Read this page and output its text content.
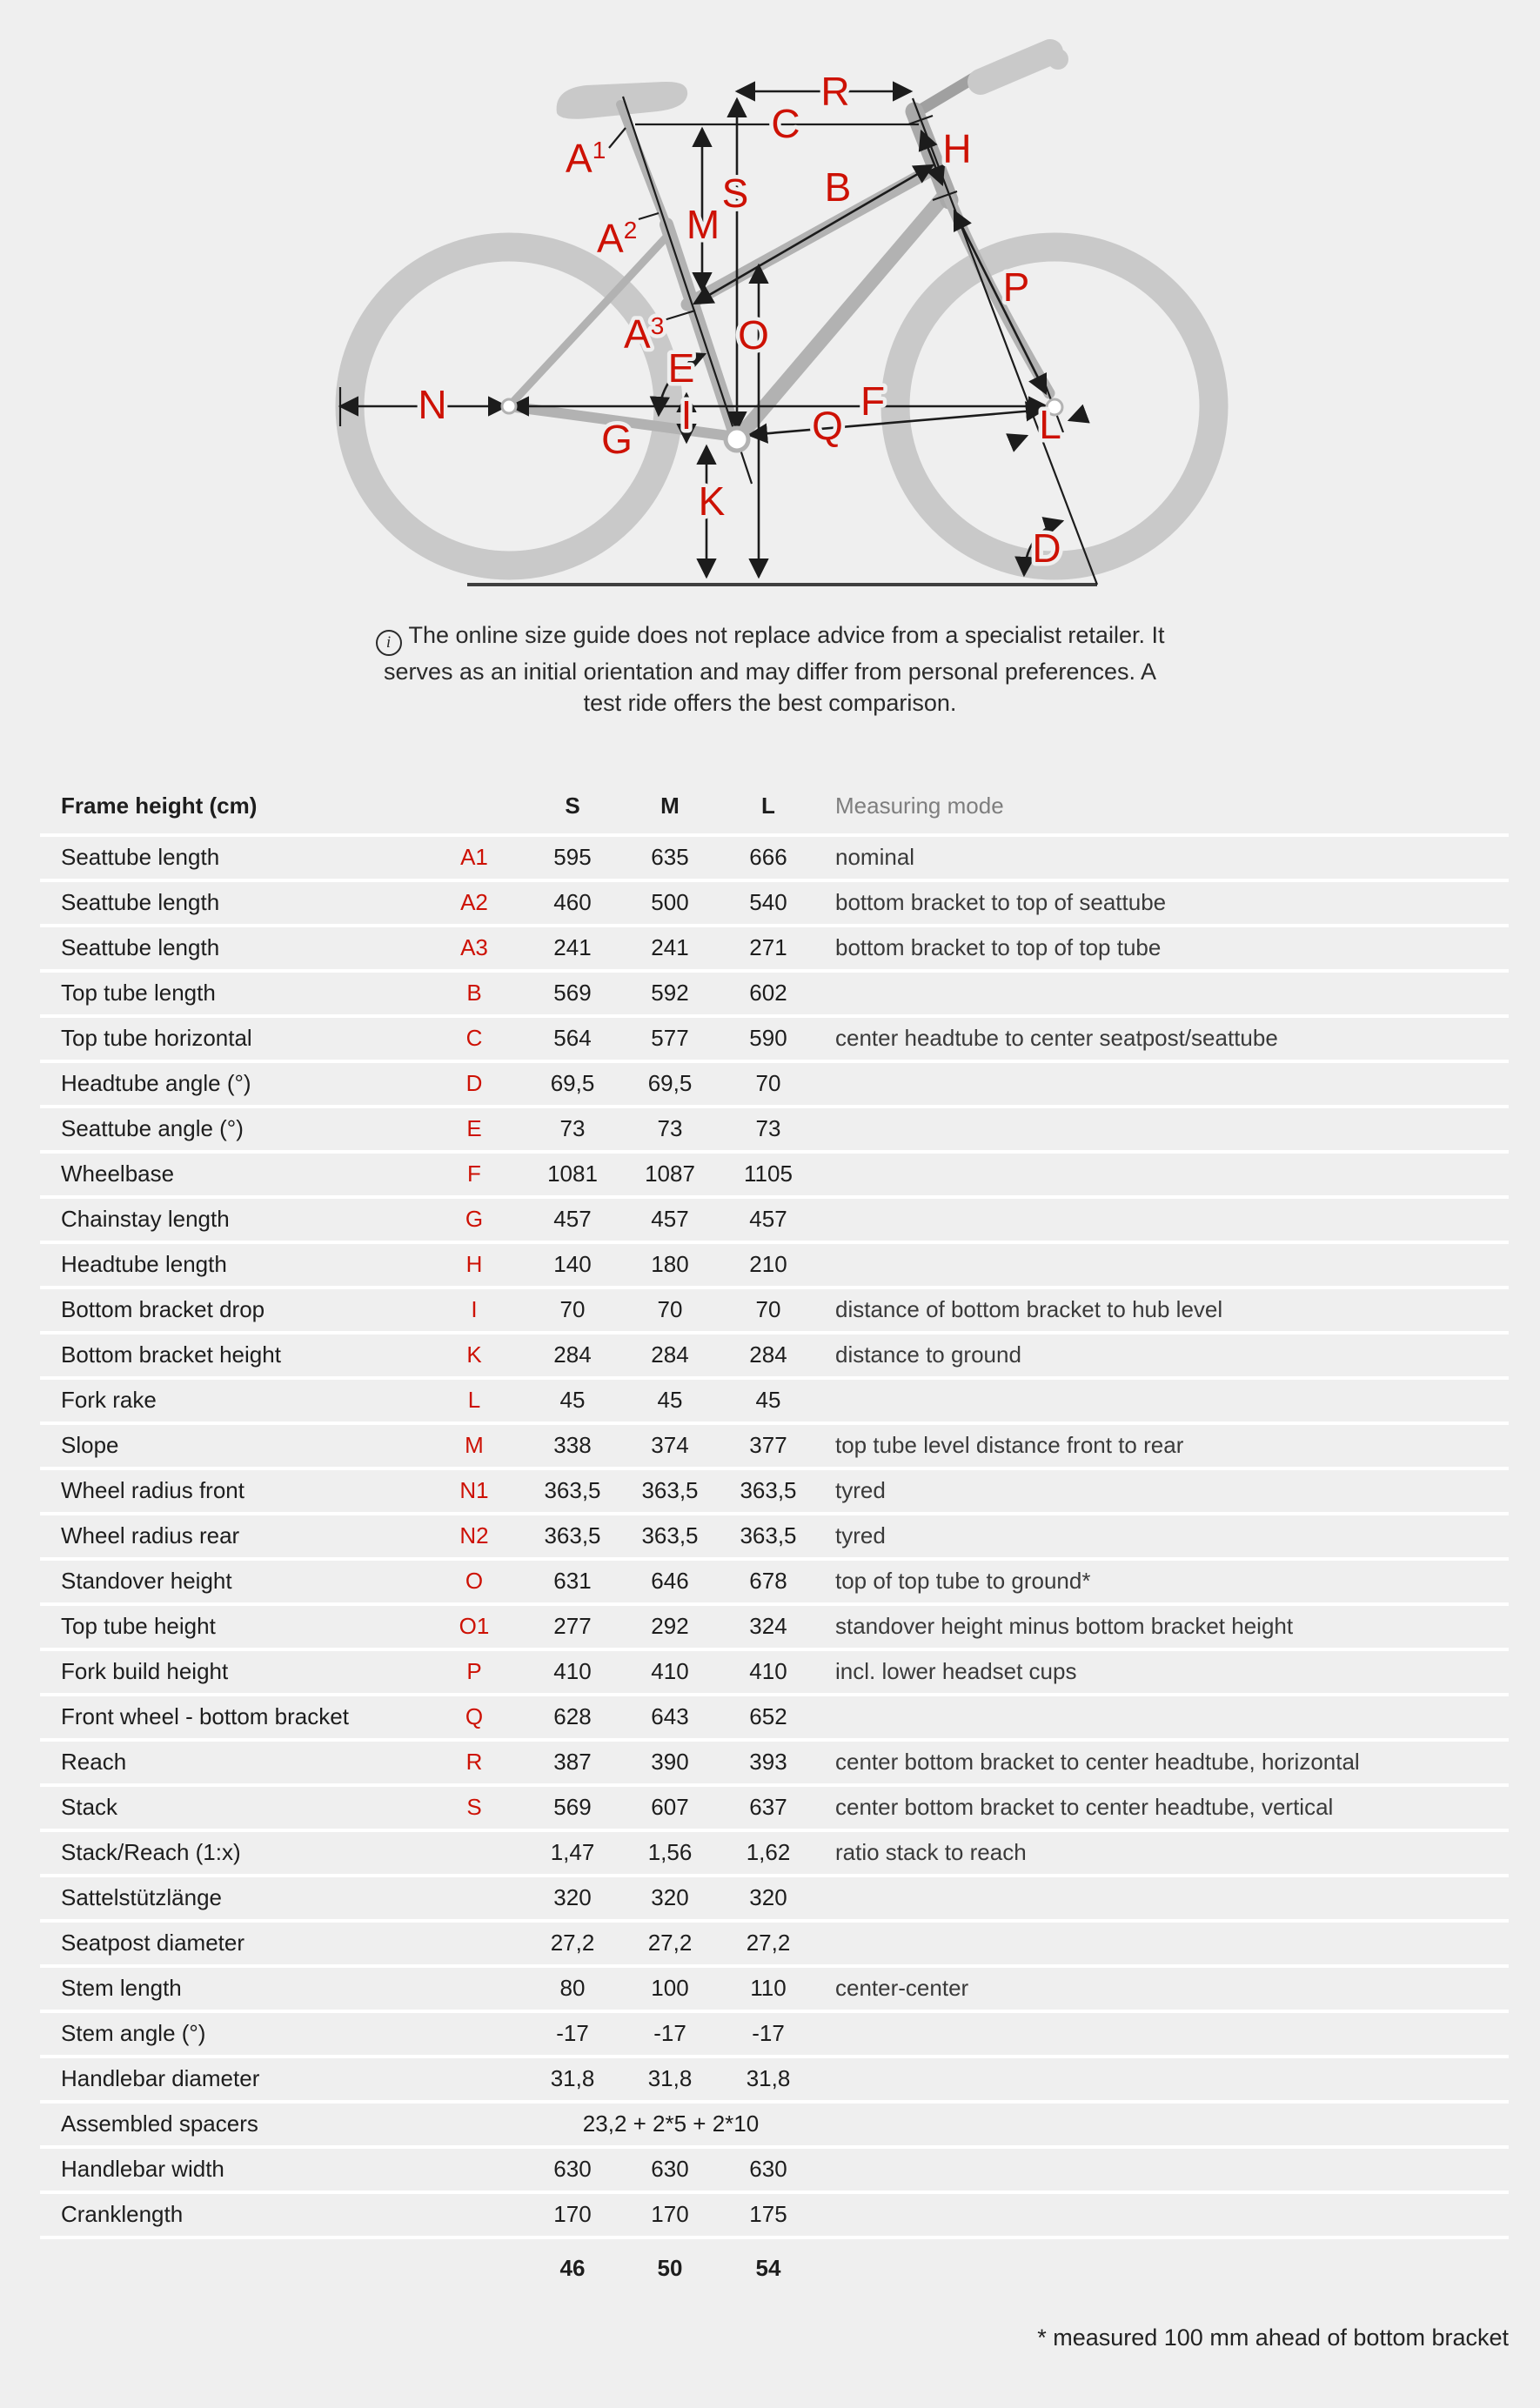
R
C
S
M
B
H
P
O
E
N	F
I	Q
G
K
L
D
$A^1$
$A^2$
$A^3$
i The online size guide does not replace advice from a specialist retailer. It
serves as an initial orientation and may differ from personal preferences. A
test ride offers the best comparison.
Frame height (cm)	S	M	L	Measuring mode
Seattube length	A1	595	635	666	nominal
Seattube length	A2	460	500	540	bottom bracket to top of seattube
Seattube length	A3	241	241	271	bottom bracket to top of top tube
Top tube length	B	569	592	602
Top tube horizontal	C	564	577	590	center headtube to center seatpost/seattube
Headtube angle (°)	D	69,5	69,5	70
Seattube angle (°)	E	73	73	73
Wheelbase	F	1081	1087	1105
Chainstay length	G	457	457	457
Headtube length	H	140	180	210
Bottom bracket drop	I	70	70	70	distance of bottom bracket to hub level
Bottom bracket height	K	284	284	284	distance to ground
Fork rake	L	45	45	45
Slope	M	338	374	377	top tube level distance front to rear
Wheel radius front	N1	363,5	363,5	363,5	tyred
Wheel radius rear	N2	363,5	363,5	363,5	tyred
Standover height	O	631	646	678	top of top tube to ground*
Top tube height	O1	277	292	324	standover height minus bottom bracket height
Fork build height	P	410	410	410	incl. lower headset cups
Front wheel - bottom bracket	Q	628	643	652
Reach	R	387	390	393	center bottom bracket to center headtube, horizontal
Stack	S	569	607	637	center bottom bracket to center headtube, vertical
Stack/Reach (1:x)	1,47	1,56	1,62	ratio stack to reach
Sattelstützlänge	320	320	320
Seatpost diameter	27,2	27,2	27,2
Stem length	80	100	110	center-center
Stem angle (°)	-17	-17	-17
Handlebar diameter	31,8	31,8	31,8
Assembled spacers	23,2 + 2*5 + 2*10
Handlebar width	630	630	630
Cranklength	170	170	175
46	50	54
* measured 100 mm ahead of bottom bracket
